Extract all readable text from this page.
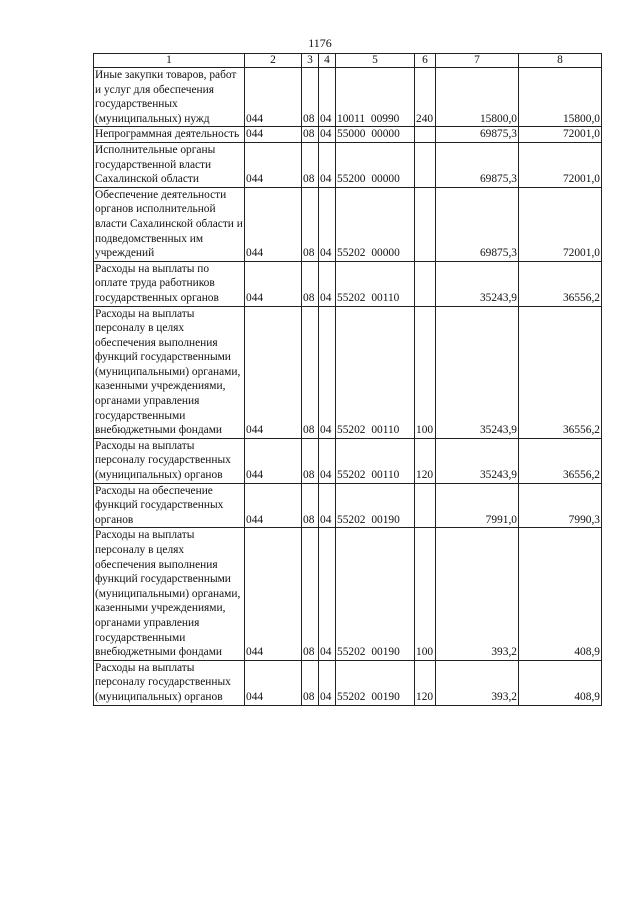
1176
1	2	3	4	5	6	7	8
Иные закупки товаров, работ и услуг для обеспечения государственных (муниципальных) нужд	044	08	04	10011 00990	240	15800,0	15800,0
Непрограммная деятельность	044	08	04	55000 00000		69875,3	72001,0
Исполнительные органы государственной власти Сахалинской области	044	08	04	55200 00000		69875,3	72001,0
Обеспечение деятельности органов исполнительной власти Сахалинской области и подведомственных им учреждений	044	08	04	55202 00000		69875,3	72001,0
Расходы на выплаты по оплате труда работников государственных органов	044	08	04	55202 00110		35243,9	36556,2
Расходы на выплаты персоналу в целях обеспечения выполнения функций государственными (муниципальными) органами, казенными учреждениями, органами управления государственными внебюджетными фондами	044	08	04	55202 00110	100	35243,9	36556,2
Расходы на выплаты персоналу государственных (муниципальных) органов	044	08	04	55202 00110	120	35243,9	36556,2
Расходы на обеспечение функций государственных органов	044	08	04	55202 00190		7991,0	7990,3
Расходы на выплаты персоналу в целях обеспечения выполнения функций государственными (муниципальными) органами, казенными учреждениями, органами управления государственными внебюджетными фондами	044	08	04	55202 00190	100	393,2	408,9
Расходы на выплаты персоналу государственных (муниципальных) органов	044	08	04	55202 00190	120	393,2	408,9
